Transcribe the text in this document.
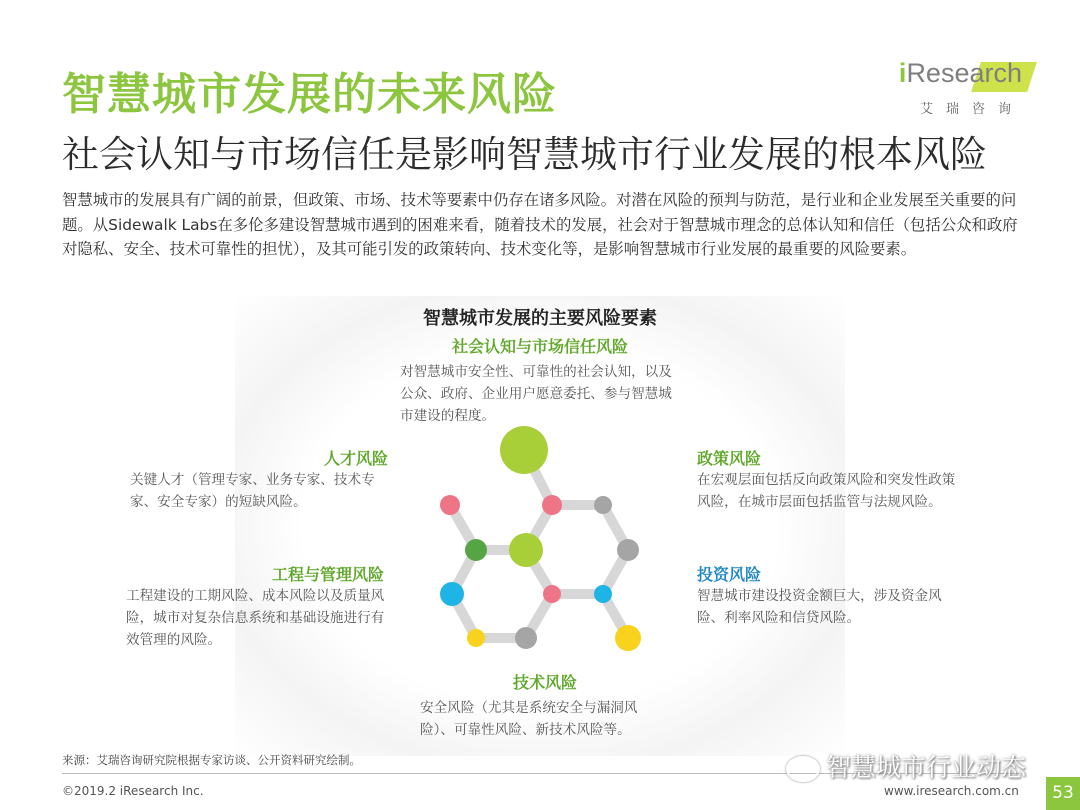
智慧城市发展的未来风险
社会认知与市场信任是影响智慧城市行业发展的根本风险
iResearch
艾瑞咨询
智慧城市的发展具有广阔的前景，但政策、市场、技术等要素中仍存在诸多风险。对潜在风险的预判与防范，是行业和企业发展至关重要的问题。从Sidewalk Labs在多伦多建设智慧城市遇到的困难来看，随着技术的发展，社会对于智慧城市理念的总体认知和信任（包括公众和政府对隐私、安全、技术可靠性的担忧），及其可能引发的政策转向、技术变化等，是影响智慧城市行业发展的最重要的风险要素。
智慧城市发展的主要风险要素
社会认知与市场信任风险
对智慧城市安全性、可靠性的社会认知，以及公众、政府、企业用户愿意委托、参与智慧城市建设的程度。
人才风险
关键人才（管理专家、业务专家、技术专家、安全专家）的短缺风险。
工程与管理风险
工程建设的工期风险、成本风险以及质量风险，城市对复杂信息系统和基础设施进行有效管理的风险。
政策风险
在宏观层面包括反向政策风险和突发性政策风险，在城市层面包括监管与法规风险。
投资风险
智慧城市建设投资金额巨大，涉及资金风险、利率风险和信贷风险。
技术风险
安全风险（尤其是系统安全与漏洞风险）、可靠性风险、新技术风险等。
来源：艾瑞咨询研究院根据专家访谈、公开资料研究绘制。
©2019.2 iResearch Inc.	www.iresearch.com.cn	53
智慧城市行业动态
